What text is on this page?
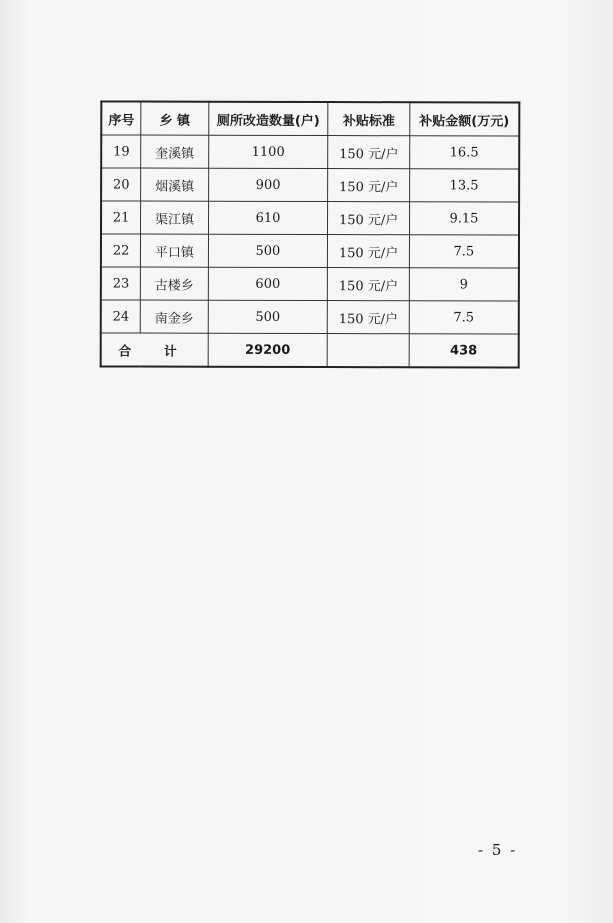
序号	乡 镇	厕所改造数量(户)	补贴标准	补贴金额(万元)
19	奎溪镇	1100	150 元/户	16.5
20	烟溪镇	900	150 元/户	13.5
21	渠江镇	610	150 元/户	9.15
22	平口镇	500	150 元/户	7.5
23	古楼乡	600	150 元/户	9
24	南金乡	500	150 元/户	7.5
合 计		29200		438
- 5 -
